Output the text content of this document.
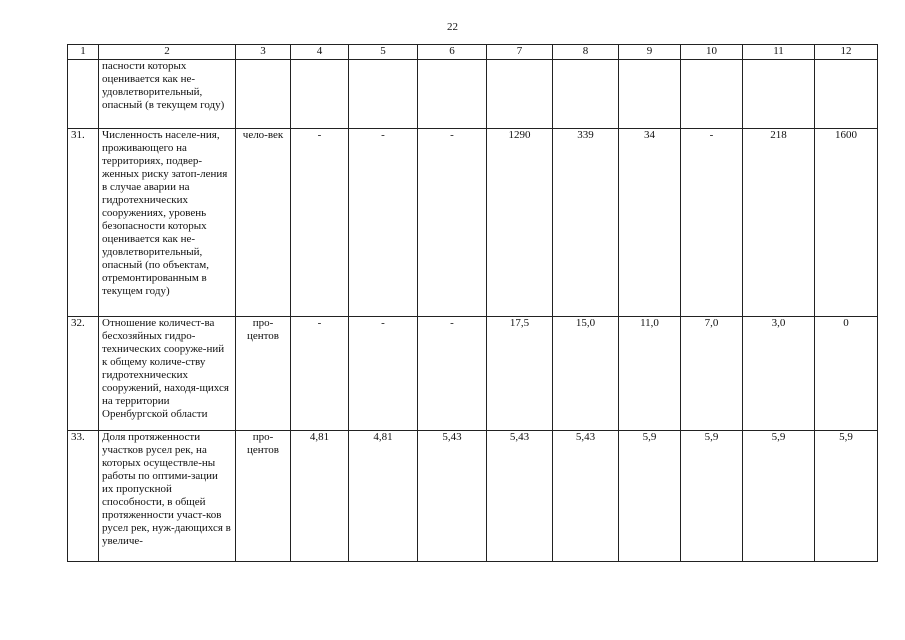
22
1	2	3	4	5	6	7	8	9	10	11	12
	пасности которых оценивается как не-удовлетворительный, опасный (в текущем году)										
31.	Численность населе-ния, проживающего на территориях, подвер-женных риску затоп-ления в случае аварии на гидротехнических сооружениях, уровень безопасности которых оценивается как не-удовлетворительный, опасный (по объектам, отремонтированным в текущем году)	чело-век	-	-	-	1290	339	34	-	218	1600
32.	Отношение количест-ва бесхозяйных гидро-технических сооруже-ний к общему количе-ству гидротехнических сооружений, находя-щихся на территории Оренбургской области	про-центов	-	-	-	17,5	15,0	11,0	7,0	3,0	0
33.	Доля протяженности участков русел рек, на которых осуществле-ны работы по оптими-зации их пропускной способности, в общей протяженности участ-ков русел рек, нуж-дающихся в увеличе-	про-центов	4,81	4,81	5,43	5,43	5,43	5,9	5,9	5,9	5,9
